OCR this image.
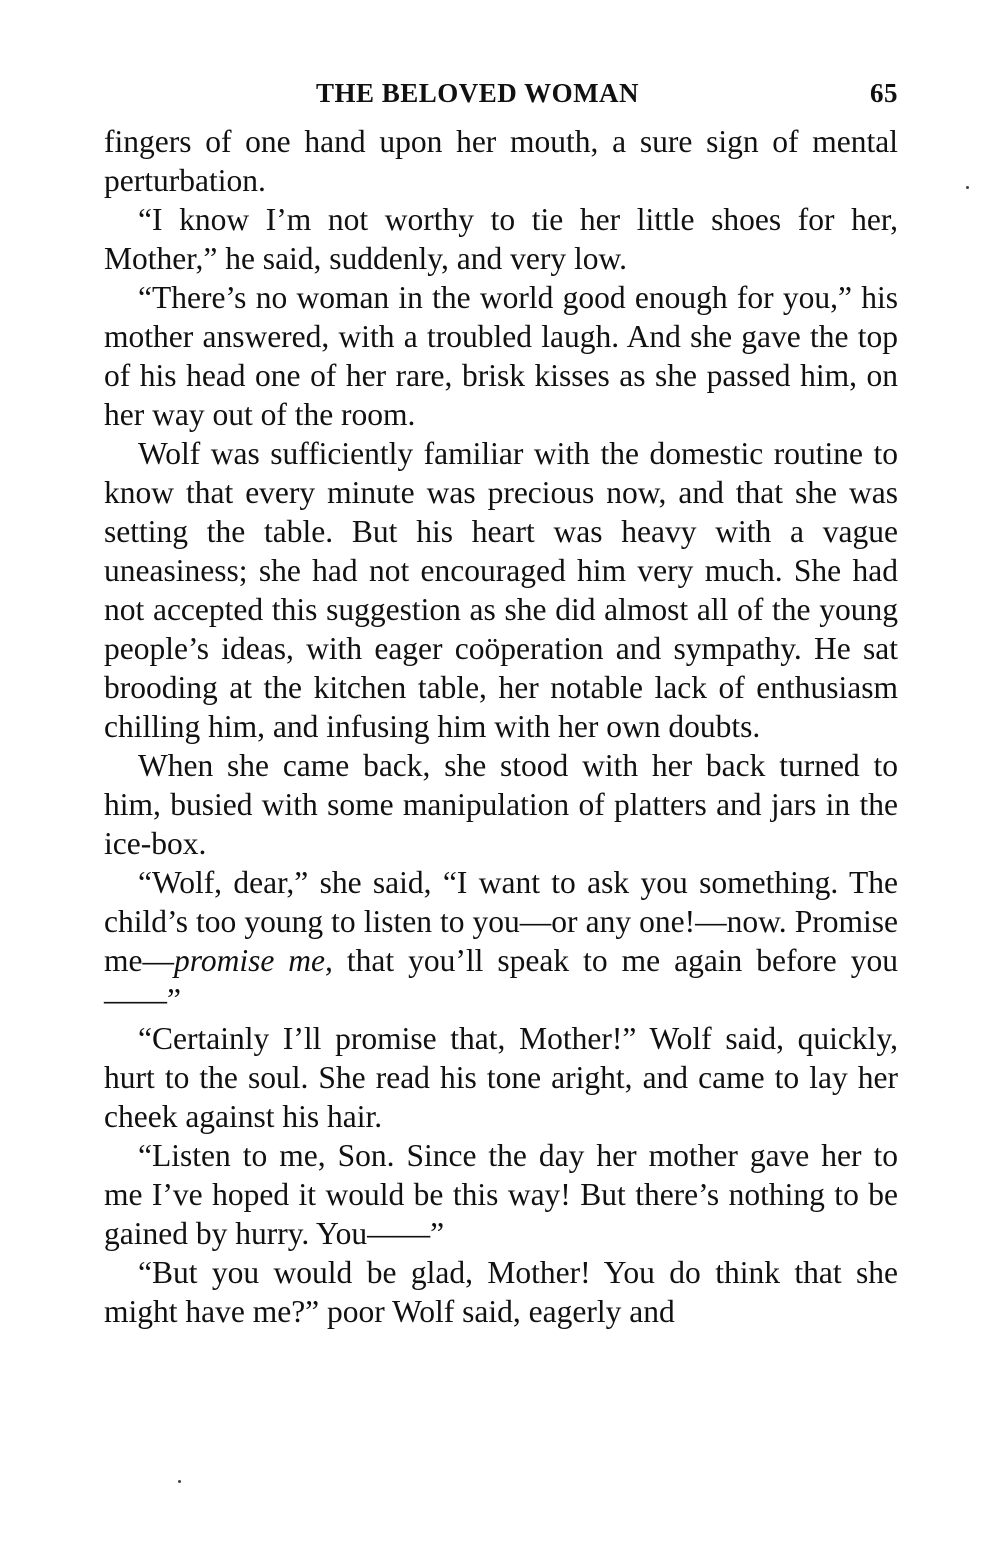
THE BELOVED WOMAN	65

fingers of one hand upon her mouth, a sure sign of mental perturbation.

“I know I’m not worthy to tie her little shoes for her, Mother,” he said, suddenly, and very low.

“There’s no woman in the world good enough for you,” his mother answered, with a troubled laugh. And she gave the top of his head one of her rare, brisk kisses as she passed him, on her way out of the room.

Wolf was sufficiently familiar with the domestic routine to know that every minute was precious now, and that she was setting the table. But his heart was heavy with a vague uneasiness; she had not encouraged him very much. She had not accepted this suggestion as she did almost all of the young people’s ideas, with eager coöperation and sympathy. He sat brooding at the kitchen table, her notable lack of enthusiasm chilling him, and infusing him with her own doubts.

When she came back, she stood with her back turned to him, busied with some manipulation of platters and jars in the ice-box.

“Wolf, dear,” she said, “I want to ask you something. The child’s too young to listen to you—or any one!—now. Promise me—promise me, that you’ll speak to me again before you——”

“Certainly I’ll promise that, Mother!” Wolf said, quickly, hurt to the soul. She read his tone aright, and came to lay her cheek against his hair.

“Listen to me, Son. Since the day her mother gave her to me I’ve hoped it would be this way! But there’s nothing to be gained by hurry. You——”

“But you would be glad, Mother! You do think that she might have me?” poor Wolf said, eagerly and
